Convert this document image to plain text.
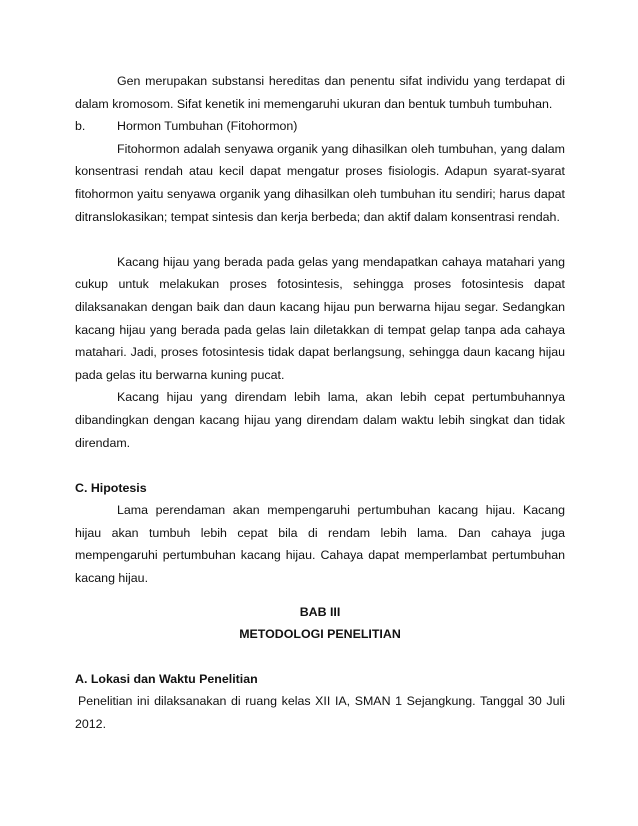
Gen merupakan substansi hereditas dan penentu sifat individu yang terdapat di dalam kromosom. Sifat kenetik ini memengaruhi ukuran dan bentuk tumbuh tumbuhan.

b.	Hormon Tumbuhan (Fitohormon)

Fitohormon adalah senyawa organik yang dihasilkan oleh tumbuhan, yang dalam konsentrasi rendah atau kecil dapat mengatur proses fisiologis. Adapun syarat-syarat fitohormon yaitu senyawa organik yang dihasilkan oleh tumbuhan itu sendiri; harus dapat ditranslokasikan; tempat sintesis dan kerja berbeda; dan aktif dalam konsentrasi rendah.

Kacang hijau yang berada pada gelas yang mendapatkan cahaya matahari yang cukup untuk melakukan proses fotosintesis, sehingga proses fotosintesis dapat dilaksanakan dengan baik dan daun kacang hijau pun berwarna hijau segar. Sedangkan kacang hijau yang berada pada gelas lain diletakkan di tempat gelap tanpa ada cahaya matahari. Jadi, proses fotosintesis tidak dapat berlangsung, sehingga daun kacang hijau pada gelas itu berwarna kuning pucat.

Kacang hijau yang direndam lebih lama, akan lebih cepat pertumbuhannya dibandingkan dengan kacang hijau yang direndam dalam waktu lebih singkat dan tidak direndam.

C. Hipotesis

Lama perendaman akan mempengaruhi pertumbuhan kacang hijau. Kacang hijau akan tumbuh lebih cepat bila di rendam lebih lama. Dan cahaya juga mempengaruhi pertumbuhan kacang hijau. Cahaya dapat memperlambat pertumbuhan kacang hijau.

BAB III

METODOLOGI PENELITIAN

A. Lokasi dan Waktu Penelitian

Penelitian ini dilaksanakan di ruang kelas XII IA, SMAN 1 Sejangkung. Tanggal 30 Juli 2012.
